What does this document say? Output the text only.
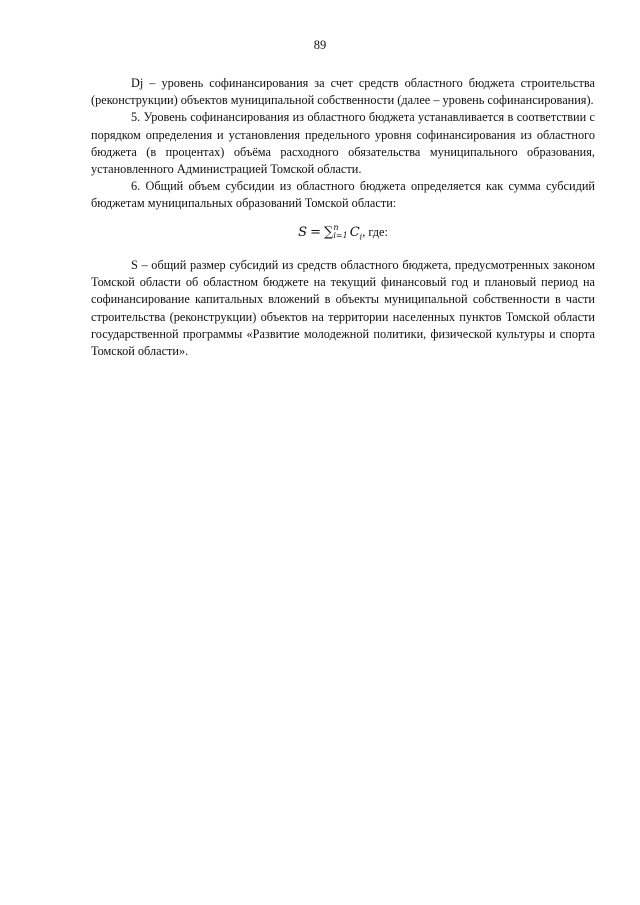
89

Dj – уровень софинансирования за счет средств областного бюджета строительства (реконструкции) объектов муниципальной собственности (далее – уровень софинансирования).

5. Уровень софинансирования из областного бюджета устанавливается в соответствии с порядком определения и установления предельного уровня софинансирования из областного бюджета (в процентах) объёма расходного обязательства муниципального образования, установленного Администрацией Томской области.

6. Общий объем субсидии из областного бюджета определяется как сумма субсидий бюджетам муниципальных образований Томской области:

S = ∑ n
i=1 $C_i$, где:

S – общий размер субсидий из средств областного бюджета, предусмотренных законом Томской области об областном бюджете на текущий финансовый год и плановый период на софинансирование капитальных вложений в объекты муниципальной собственности в части строительства (реконструкции) объектов на территории населенных пунктов Томской области государственной программы «Развитие молодежной политики, физической культуры и спорта Томской области».
